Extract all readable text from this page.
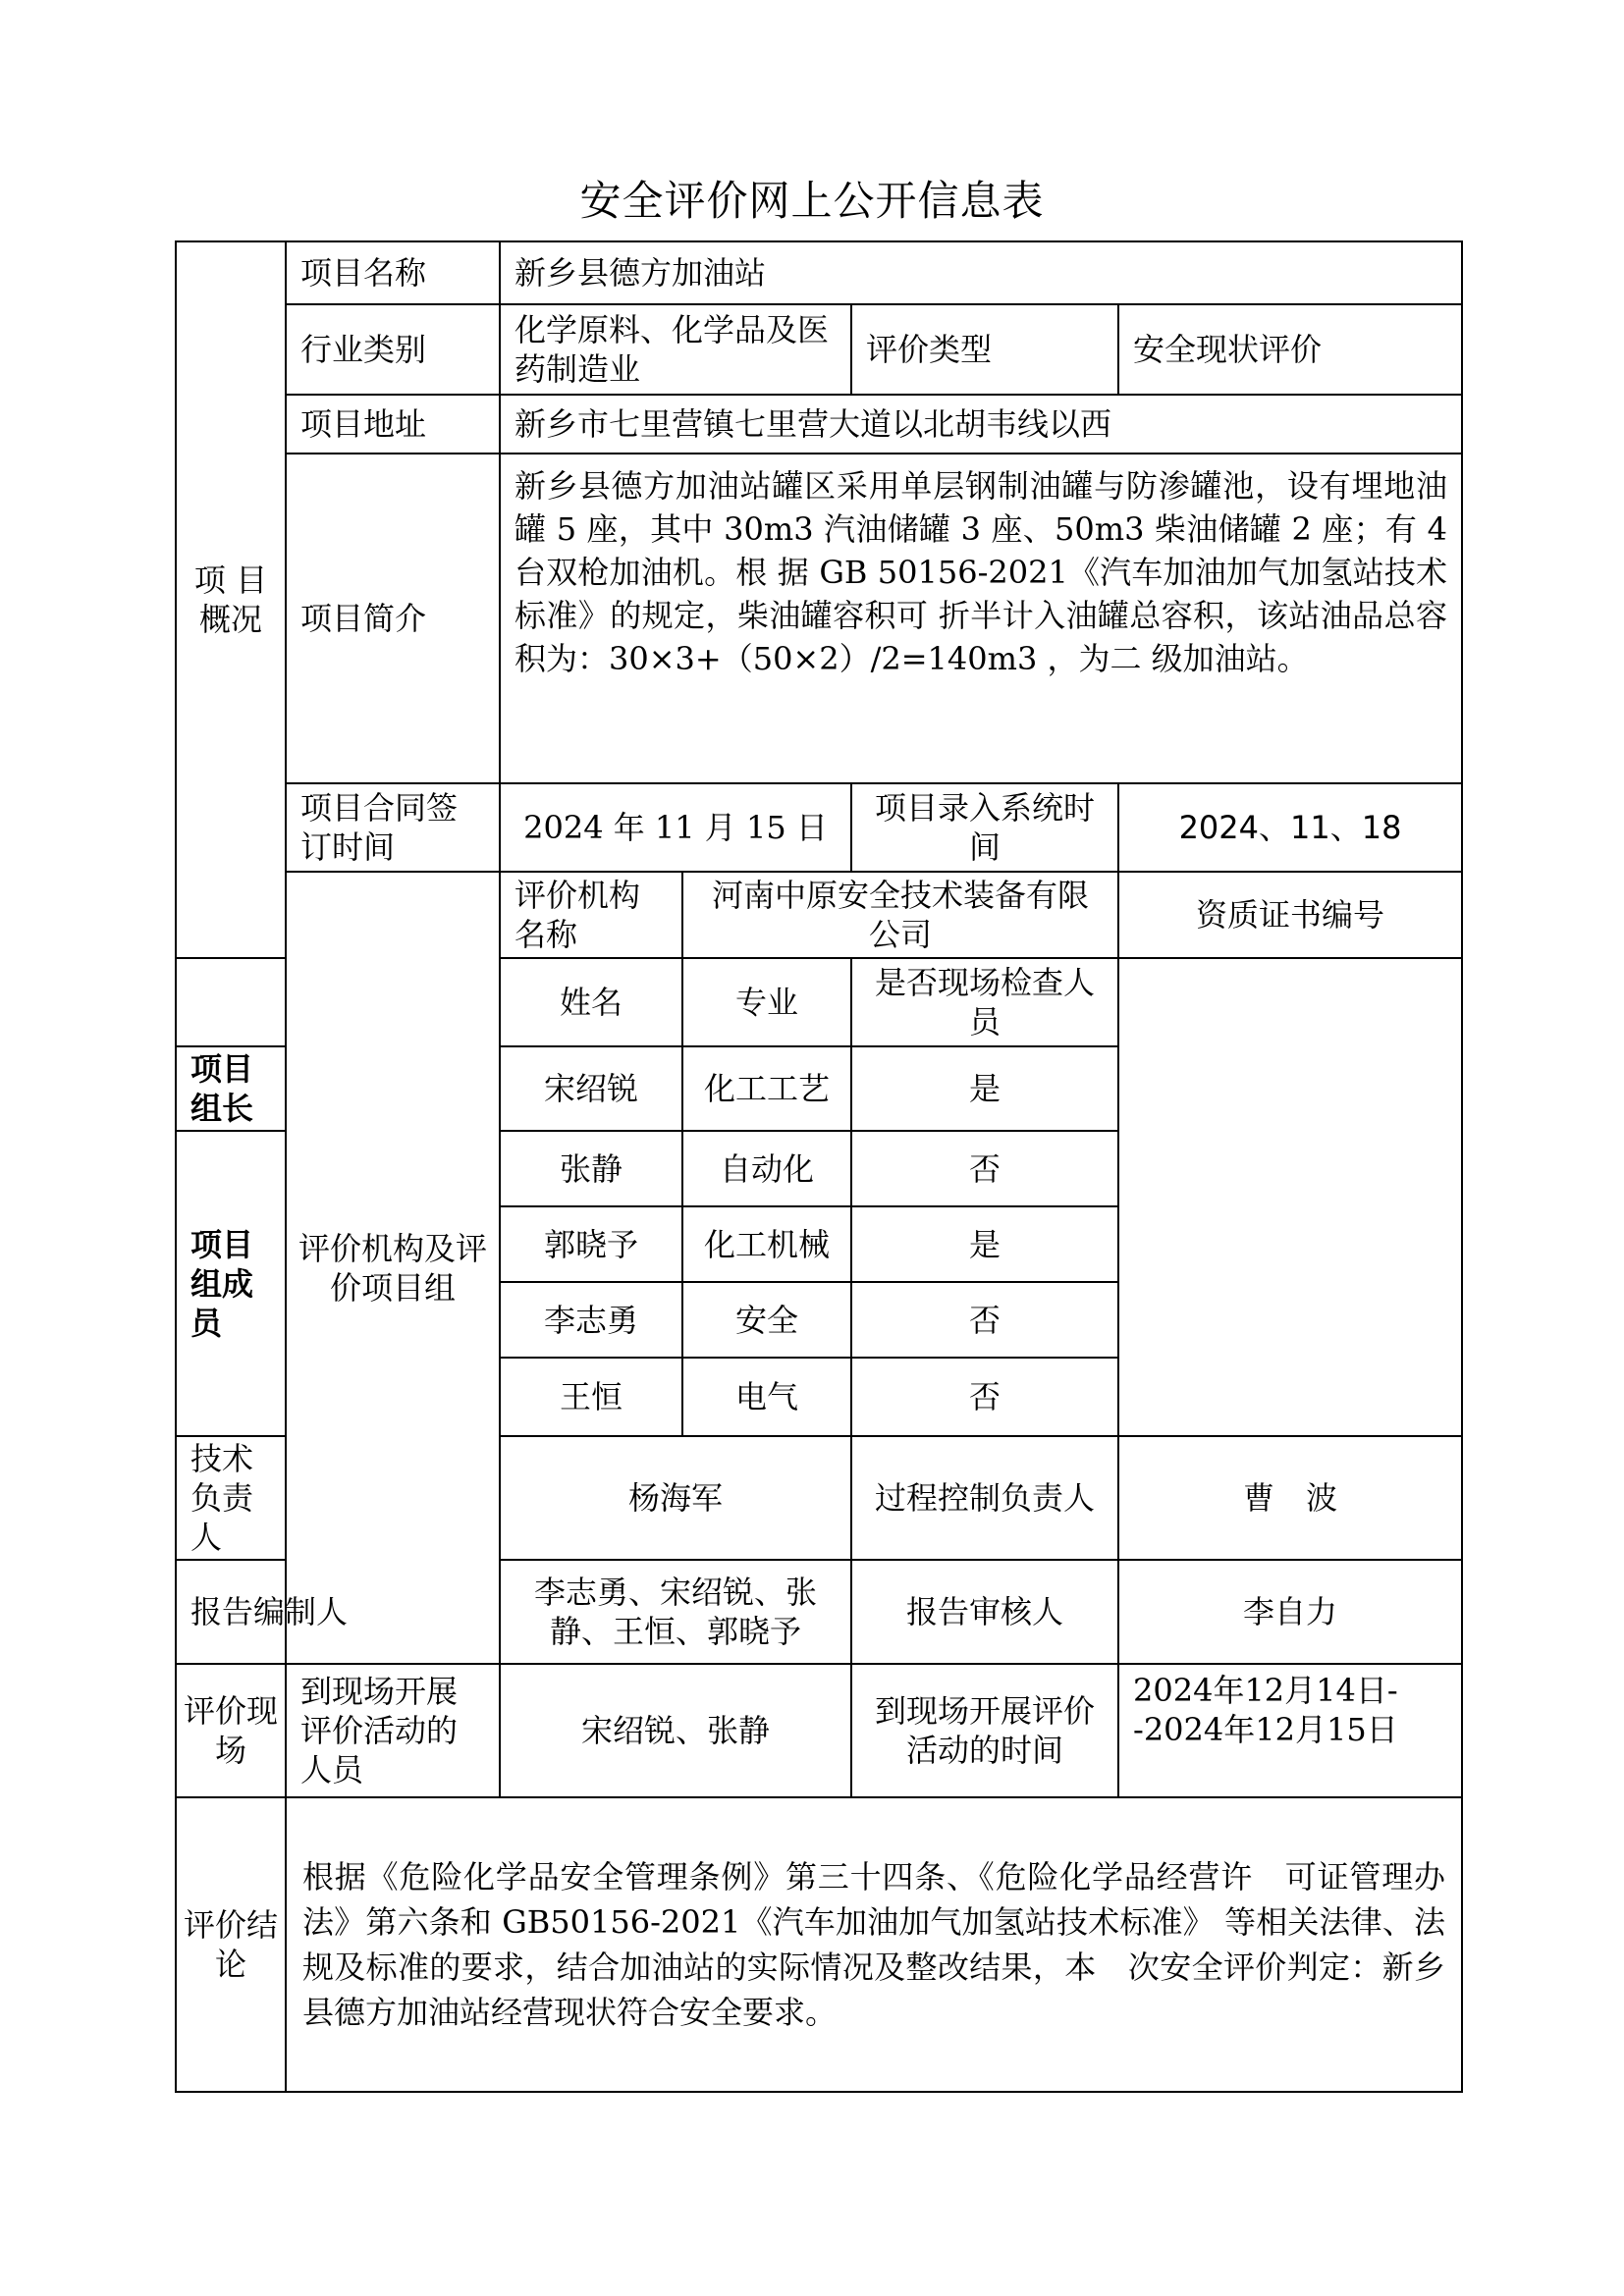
安全评价网上公开信息表
项 目概况	项目名称	新乡县德方加油站				
	行业类别	化学原料、化学品及医药制造业		评价类型	安全现状评价	
	项目地址	新乡市七里营镇七里营大道以北胡韦线以西				
	项目简介	新乡县德方加油站罐区采用单层钢制油罐与防渗罐池，设有埋地油罐 5 座，其中 30m3 汽油储罐 3 座、50m3 柴油储罐 2 座；有 4 台双枪加油机。根 据 GB 50156-2021《汽车加油加气加氢站技术标准》的规定，柴油罐容积可 折半计入油罐总容积，该站油品总容积为：30×3+（50×2）/2=140m3 ，为二 级加油站。				
	项目合同签订时间	2024 年 11 月 15 日		项目录入系统时间	2024、11、18	
	评价机构及评价项目组	评价机构名称	河南中原安全技术装备有限公司		资质证书编号	
		姓名	专业	是否现场检查人员		
项目组长		宋绍锐	化工工艺	是		
项目组成员		张静	自动化	否		
		郭晓予	化工机械	是		
		李志勇	安全	否		
		王恒	电气	否		
技术负责人		杨海军		过程控制负责人	曹　波	
报告编制人		李志勇、宋绍锐、张静、王恒、郭晓予		报告审核人	李自力	
评价现场	到现场开展评价活动的人员	宋绍锐、张静		到现场开展评价活动的时间	2024年12月14日--2024年12月15日	
评价结论	根据《危险化学品安全管理条例》第三十四条、《危险化学品经营许　可证管理办法》第六条和 GB50156-2021《汽车加油加气加氢站技术标准》 等相关法律、法规及标准的要求，结合加油站的实际情况及整改结果，本　次安全评价判定：新乡县德方加油站经营现状符合安全要求。					
